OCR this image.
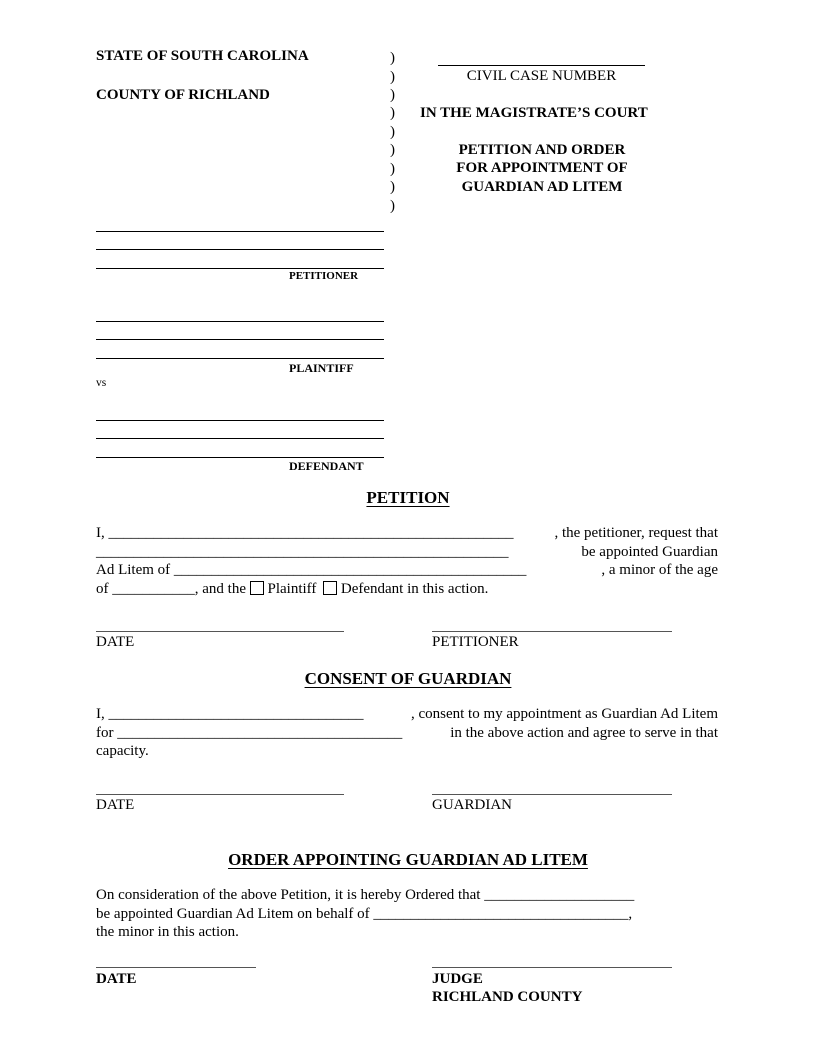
STATE OF SOUTH CAROLINA
COUNTY OF RICHLAND
)
)
)
)
)
)
)
)
)
CIVIL CASE NUMBER
IN THE MAGISTRATE’S COURT
PETITION AND ORDER
FOR APPOINTMENT OF
GUARDIAN AD LITEM
PETITIONER
PLAINTIFF
vs
DEFENDANT
PETITION
I, ______________________________________________________	, the petitioner, request that
_______________________________________________________	be appointed Guardian
Ad Litem of _______________________________________________	, a minor of the age
of ___________, and the  Plaintiff Defendant in this action.
DATE	PETITIONER
CONSENT OF GUARDIAN
I, __________________________________	, consent to my appointment as Guardian Ad Litem
for ______________________________________	in the above action and agree to serve in that
capacity.
DATE	GUARDIAN
ORDER APPOINTING GUARDIAN AD LITEM
On consideration of the above Petition, it is hereby Ordered that ____________________
be appointed Guardian Ad Litem on behalf of __________________________________,
the minor in this action.
DATE	JUDGE
RICHLAND COUNTY
